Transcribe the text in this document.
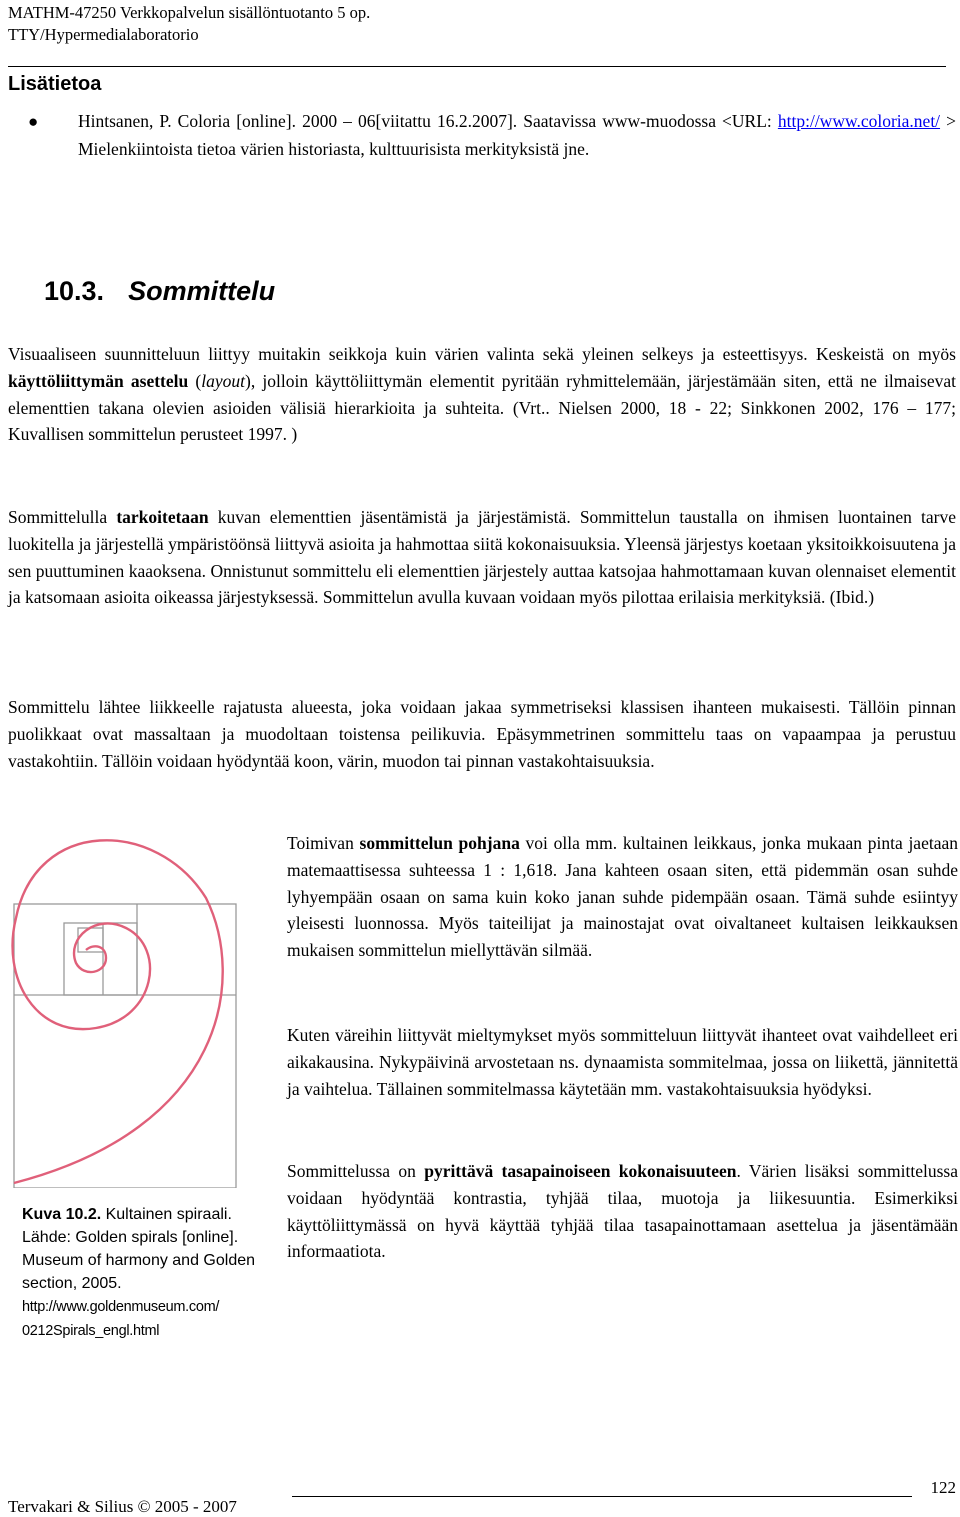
MATHM-47250 Verkkopalvelun sisällöntuotanto 5 op.
TTY/Hypermedialaboratorio
Lisätietoa
● Hintsanen, P. Coloria [online]. 2000 – 06[viitattu 16.2.2007]. Saatavissa www-muodossa <URL: http://www.coloria.net/ > Mielenkiintoista tietoa värien historiasta, kulttuurisista merkityksistä jne.
10.3. Sommittelu

Visuaaliseen suunnitteluun liittyy muitakin seikkoja kuin värien valinta sekä yleinen selkeys ja esteettisyys. Keskeistä on myös käyttöliittymän asettelu (layout), jolloin käyttöliittymän elementit pyritään ryhmittelemään, järjestämään siten, että ne ilmaisevat elementtien takana olevien asioiden välisiä hierarkioita ja suhteita. (Vrt.. Nielsen 2000, 18 - 22; Sinkkonen 2002, 176 – 177; Kuvallisen sommittelun perusteet 1997. )

Sommittelulla tarkoitetaan kuvan elementtien jäsentämistä ja järjestämistä. Sommittelun taustalla on ihmisen luontainen tarve luokitella ja järjestellä ympäristöönsä liittyvä asioita ja hahmottaa siitä kokonaisuuksia. Yleensä järjestys koetaan yksitoikkoisuutena ja sen puuttuminen kaaoksena. Onnistunut sommittelu eli elementtien järjestely auttaa katsojaa hahmottamaan kuvan olennaiset elementit ja katsomaan asioita oikeassa järjestyksessä. Sommittelun avulla kuvaan voidaan myös pilottaa erilaisia merkityksiä. (Ibid.)

Sommittelu lähtee liikkeelle rajatusta alueesta, joka voidaan jakaa symmetriseksi klassisen ihanteen mukaisesti. Tällöin pinnan puolikkaat ovat massaltaan ja muodoltaan toistensa peilikuvia. Epäsymmetrinen sommittelu taas on vapaampaa ja perustuu vastakohtiin. Tällöin voidaan hyödyntää koon, värin, muodon tai pinnan vastakohtaisuuksia.

Kuva 10.2. Kultainen spiraali. Lähde: Golden spirals [online]. Museum of harmony and Golden section, 2005.
http://www.goldenmuseum.com/ 0212Spirals_engl.html

Toimivan sommittelun pohjana voi olla mm. kultainen leikkaus, jonka mukaan pinta jaetaan matemaattisessa suhteessa 1 : 1,618. Jana kahteen osaan siten, että pidemmän osan suhde lyhyempään osaan on sama kuin koko janan suhde pidempään osaan. Tämä suhde esiintyy yleisesti luonnossa. Myös taiteilijat ja mainostajat ovat oivaltaneet kultaisen leikkauksen mukaisen sommittelun miellyttävän silmää.

Kuten väreihin liittyvät mieltymykset myös sommitteluun liittyvät ihanteet ovat vaihdelleet eri aikakausina. Nykypäivinä arvostetaan ns. dynaamista sommitelmaa, jossa on liikettä, jännitettä ja vaihtelua. Tällainen sommitelmassa käytetään mm. vastakohtaisuuksia hyödyksi.

Sommittelussa on pyrittävä tasapainoiseen kokonaisuuteen. Värien lisäksi sommittelussa voidaan hyödyntää kontrastia, tyhjää tilaa, muotoja ja liikesuuntia. Esimerkiksi käyttöliittymässä on hyvä käyttää tyhjää tilaa tasapainottamaan asettelua ja jäsentämään informaatiota.

122
Tervakari & Silius © 2005 - 2007
